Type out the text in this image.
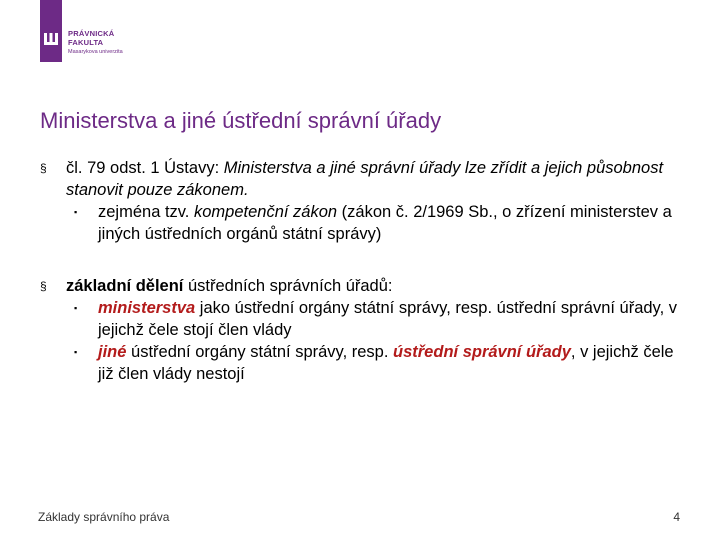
PRÁVNICKÁ
FAKULTA
Masarykova univerzita
Ministerstva a jiné ústřední správní úřady
§ čl. 79 odst. 1 Ústavy: Ministerstva a jiné správní úřady lze zřídit a jejich působnost stanovit pouze zákonem.
▪ zejména tzv. kompetenční zákon (zákon č. 2/1969 Sb., o zřízení ministerstev a jiných ústředních orgánů státní správy)
§ základní dělení ústředních správních úřadů:
▪ ministerstva jako ústřední orgány státní správy, resp. ústřední správní úřady, v jejichž čele stojí člen vlády
▪ jiné ústřední orgány státní správy, resp. ústřední správní úřady, v jejichž čele již člen vlády nestojí
Základy správního práva	4
